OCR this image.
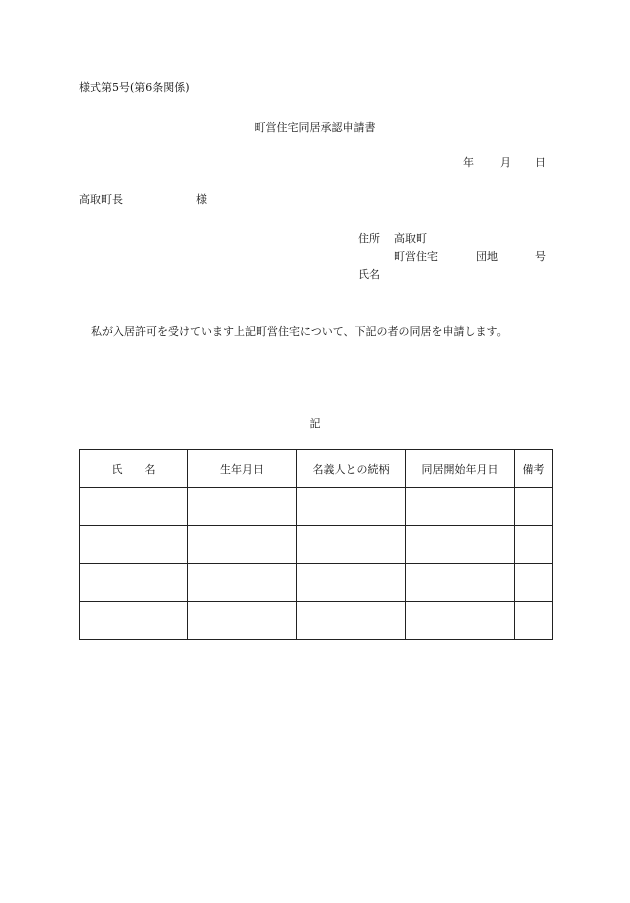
様式第5号(第6条関係)
町営住宅同居承認申請書
年 月 日
高取町長	様
住所 高取町
町営住宅	団地	号
氏名
私が入居許可を受けています上記町営住宅について、下記の者の同居を申請します。
記
氏　　名	生年月日	名義人との続柄	同居開始年月日	備考
